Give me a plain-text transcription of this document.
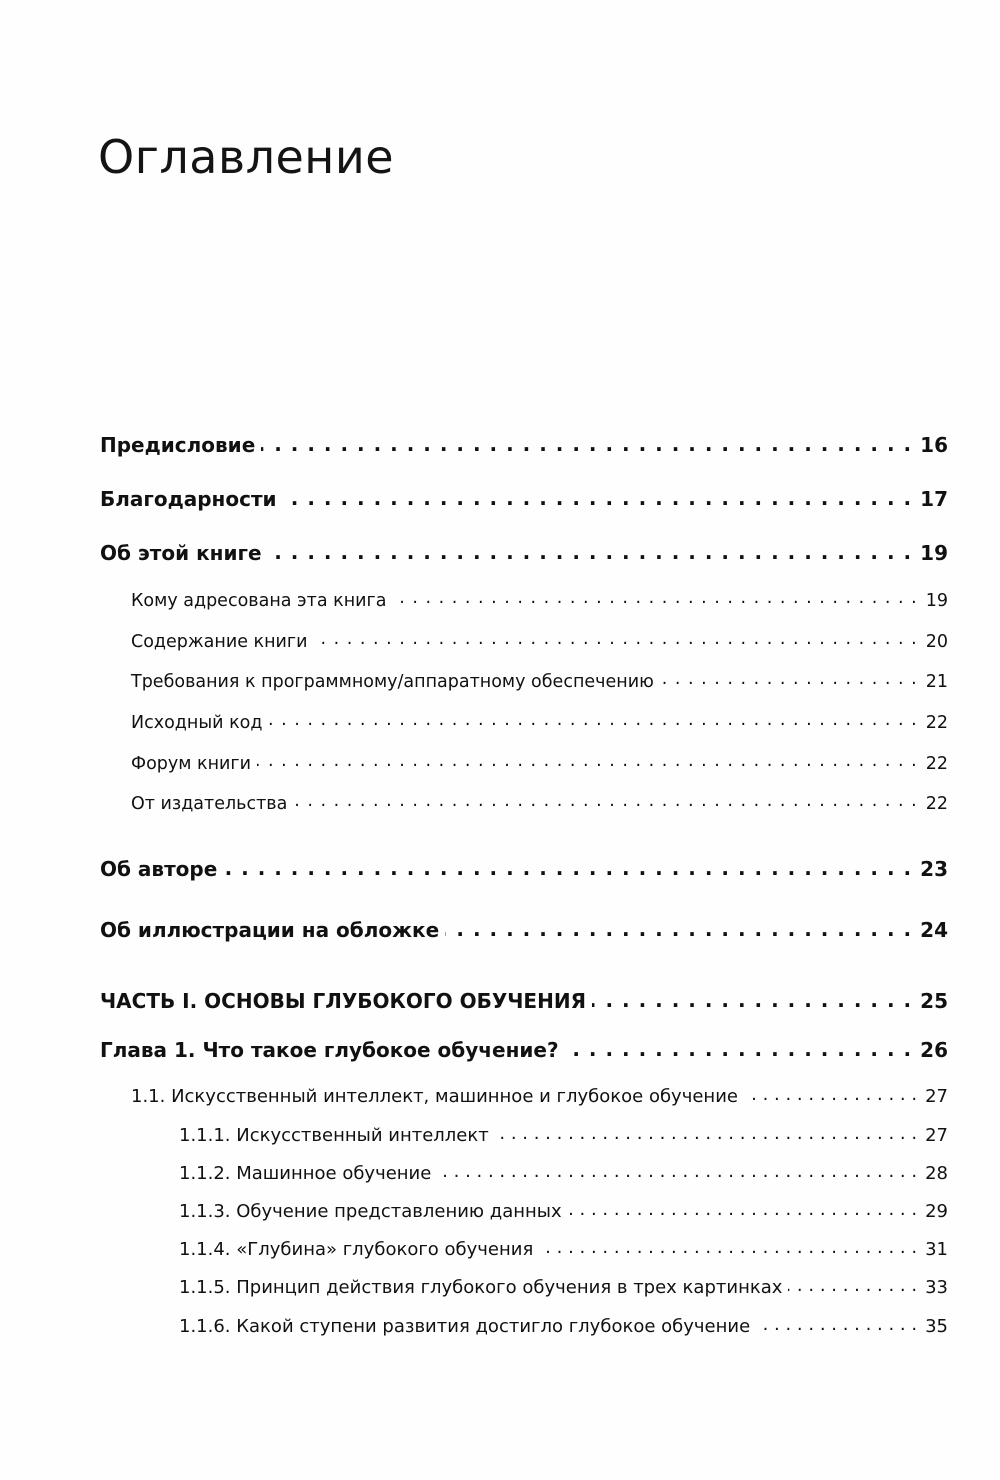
Оглавление
Предисловие . . .	16
Благодарности . . .	17
Об этой книге . . .	19
Кому адресована эта книга . . .	19
Содержание книги . . .	20
Требования к программному/аппаратному обеспечению . . .	21
Исходный код . . .	22
Форум книги . . .	22
От издательства . . .	22
Об авторе . . .	23
Об иллюстрации на обложке . . .	24
ЧАСТЬ I. ОСНОВЫ ГЛУБОКОГО ОБУЧЕНИЯ . . .	25
Глава 1. Что такое глубокое обучение? . . .	26
1.1. Искусственный интеллект, машинное и глубокое обучение . . .	27
1.1.1. Искусственный интеллект . . .	27
1.1.2. Машинное обучение . . .	28
1.1.3. Обучение представлению данных . . .	29
1.1.4. «Глубина» глубокого обучения . . .	31
1.1.5. Принцип действия глубокого обучения в трех картинках . . .	33
1.1.6. Какой ступени развития достигло глубокое обучение . . .	35
